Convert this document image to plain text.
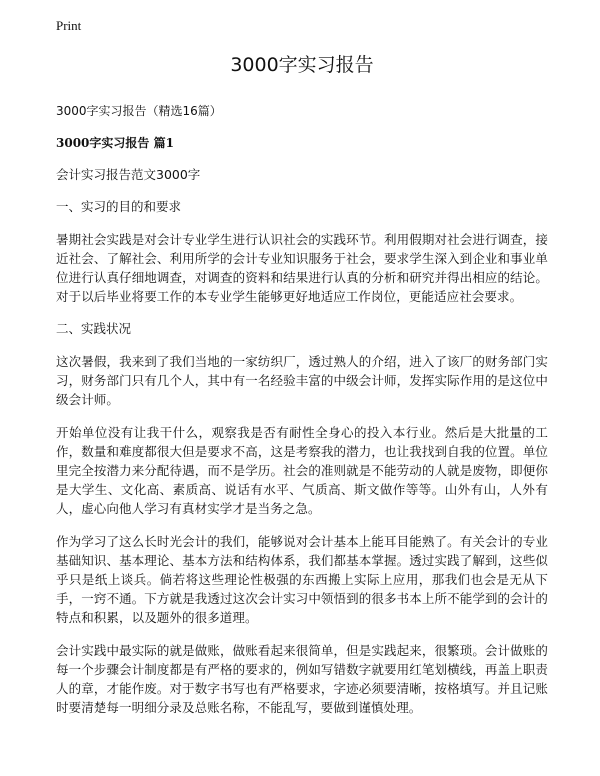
Print
3000字实习报告

3000字实习报告（精选16篇）

3000字实习报告 篇1

会计实习报告范文3000字

一、实习的目的和要求

暑期社会实践是对会计专业学生进行认识社会的实践环节。利用假期对社会进行调查，接近社会、了解社会、利用所学的会计专业知识服务于社会，要求学生深入到企业和事业单位进行认真仔细地调查，对调查的资料和结果进行认真的分析和研究并得出相应的结论。对于以后毕业将要工作的本专业学生能够更好地适应工作岗位，更能适应社会要求。

二、实践状况

这次暑假，我来到了我们当地的一家纺织厂，透过熟人的介绍，进入了该厂的财务部门实习，财务部门只有几个人，其中有一名经验丰富的中级会计师，发挥实际作用的是这位中级会计师。

开始单位没有让我干什么，观察我是否有耐性全身心的投入本行业。然后是大批量的工作，数量和难度都很大但是要求不高，这是考察我的潜力，也让我找到自我的位置。单位里完全按潜力来分配待遇，而不是学历。社会的准则就是不能劳动的人就是废物，即便你是大学生、文化高、素质高、说话有水平、气质高、斯文做作等等。山外有山，人外有人，虚心向他人学习有真材实学才是当务之急。

作为学习了这么长时光会计的我们，能够说对会计基本上能耳目能熟了。有关会计的专业基础知识、基本理论、基本方法和结构体系，我们都基本掌握。透过实践了解到，这些似乎只是纸上谈兵。倘若将这些理论性极强的东西搬上实际上应用，那我们也会是无从下手，一窍不通。下方就是我透过这次会计实习中领悟到的很多书本上所不能学到的会计的特点和积累，以及题外的很多道理。

会计实践中最实际的就是做账，做账看起来很简单，但是实践起来，很繁琐。会计做账的每一个步骤会计制度都是有严格的要求的，例如写错数字就要用红笔划横线，再盖上职责人的章，才能作废。对于数字书写也有严格要求，字迹必须要清晰，按格填写。并且记账时要清楚每一明细分录及总账名称，不能乱写，要做到谨慎处理。
